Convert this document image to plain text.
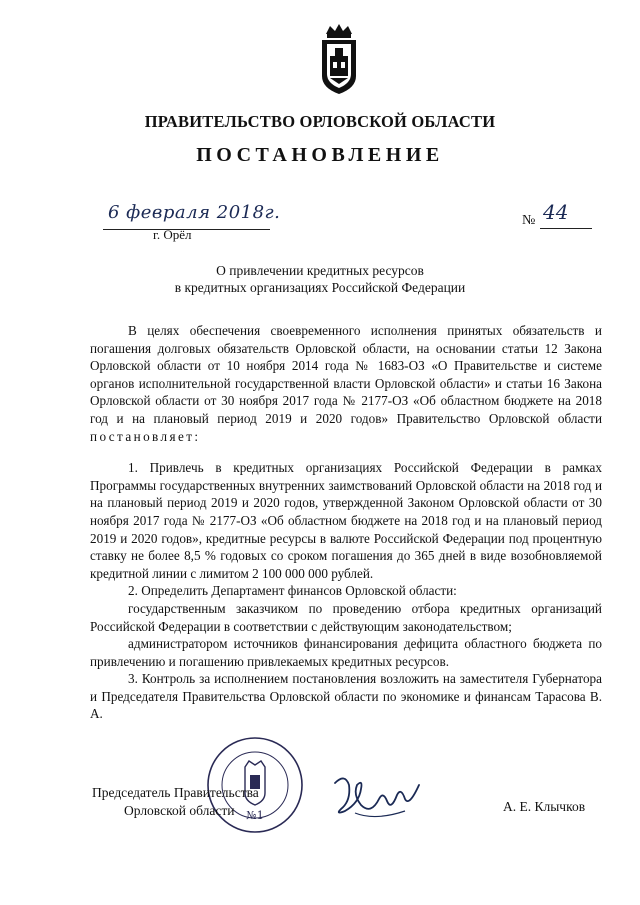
ПРАВИТЕЛЬСТВО ОРЛОВСКОЙ ОБЛАСТИ
ПОСТАНОВЛЕНИЕ
6 февраля 2018г.	№ 44
г. Орёл
О привлечении кредитных ресурсов
в кредитных организациях Российской Федерации

В целях обеспечения своевременного исполнения принятых обязательств и погашения долговых обязательств Орловской области, на основании статьи 12 Закона Орловской области от 10 ноября 2014 года № 1683-ОЗ «О Правительстве и системе органов исполнительной государственной власти Орловской области» и статьи 16 Закона Орловской области от 30 ноября 2017 года № 2177-ОЗ «Об областном бюджете на 2018 год и на плановый период 2019 и 2020 годов» Правительство Орловской области постановляет:

1. Привлечь в кредитных организациях Российской Федерации в рамках Программы государственных внутренних заимствований Орловской области на 2018 год и на плановый период 2019 и 2020 годов, утвержденной Законом Орловской области от 30 ноября 2017 года № 2177-ОЗ «Об областном бюджете на 2018 год и на плановый период 2019 и 2020 годов», кредитные ресурсы в валюте Российской Федерации под процентную ставку не более 8,5 % годовых со сроком погашения до 365 дней в виде возобновляемой кредитной линии с лимитом 2 100 000 000 рублей.

2. Определить Департамент финансов Орловской области:

государственным заказчиком по проведению отбора кредитных организаций Российской Федерации в соответствии с действующим законодательством;

администратором источников финансирования дефицита областного бюджета по привлечению и погашению привлекаемых кредитных ресурсов.

3. Контроль за исполнением постановления возложить на заместителя Губернатора и Председателя Правительства Орловской области по экономике и финансам Тарасова В. А.

№1
Председатель Правительства
Орловской области	А. Е. Клычков
